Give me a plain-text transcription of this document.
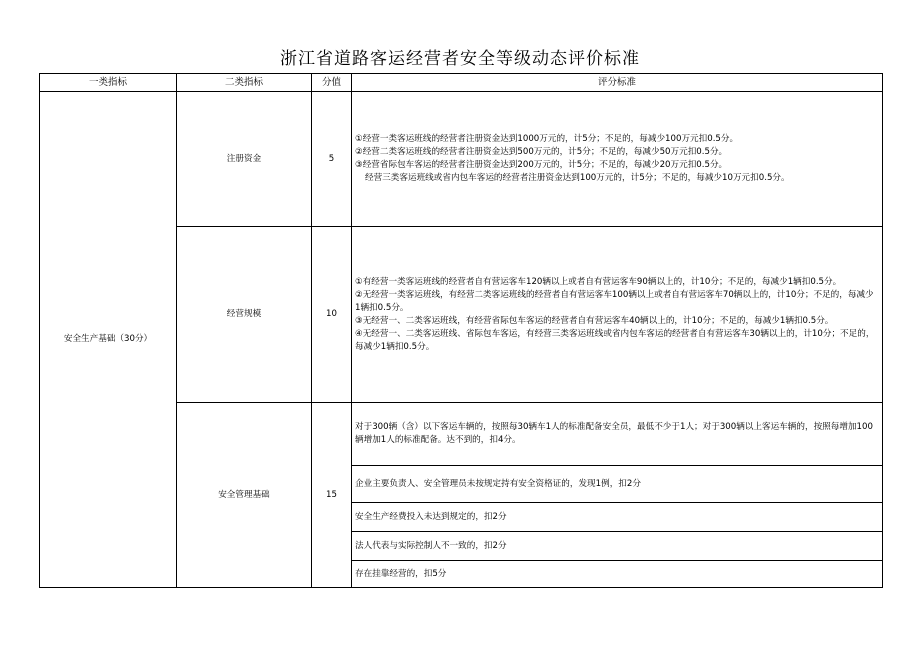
浙江省道路客运经营者安全等级动态评价标准
一类指标	二类指标	分值	评分标准
安全生产基础（30分）	注册资金	5	①经营一类客运班线的经营者注册资金达到1000万元的，计5分；不足的，每减少100万元扣0.5分。
②经营二类客运班线的经营者注册资金达到500万元的，计5分；不足的，每减少50万元扣0.5分。
③经营省际包车客运的经营者注册资金达到200万元的，计5分；不足的，每减少20万元扣0.5分。
经营三类客运班线或省内包车客运的经营者注册资金达到100万元的，计5分；不足的，每减少10万元扣0.5分。

	经营规模	10	①有经营一类客运班线的经营者自有营运客车120辆以上或者自有营运客车90辆以上的，计10分；不足的，每减少1辆扣0.5分。
②无经营一类客运班线，有经营二类客运班线的经营者自有营运客车100辆以上或者自有营运客车70辆以上的，计10分；不足的，每减少1辆扣0.5分。
③无经营一、二类客运班线，有经营省际包车客运的经营者自有营运客车40辆以上的，计10分；不足的，每减少1辆扣0.5分。
④无经营一、二类客运班线、省际包车客运，有经营三类客运班线或省内包车客运的经营者自有营运客车30辆以上的，计10分；不足的，每减少1辆扣0.5分。

	安全管理基础	15	对于300辆（含）以下客运车辆的，按照每30辆车1人的标准配备安全员，最低不少于1人；对于300辆以上客运车辆的，按照每增加100辆增加1人的标准配备。达不到的，扣4分。

			企业主要负责人、安全管理员未按规定持有安全资格证的，发现1例，扣2分

			安全生产经费投入未达到规定的，扣2分

			法人代表与实际控制人不一致的，扣2分

			存在挂靠经营的，扣5分
